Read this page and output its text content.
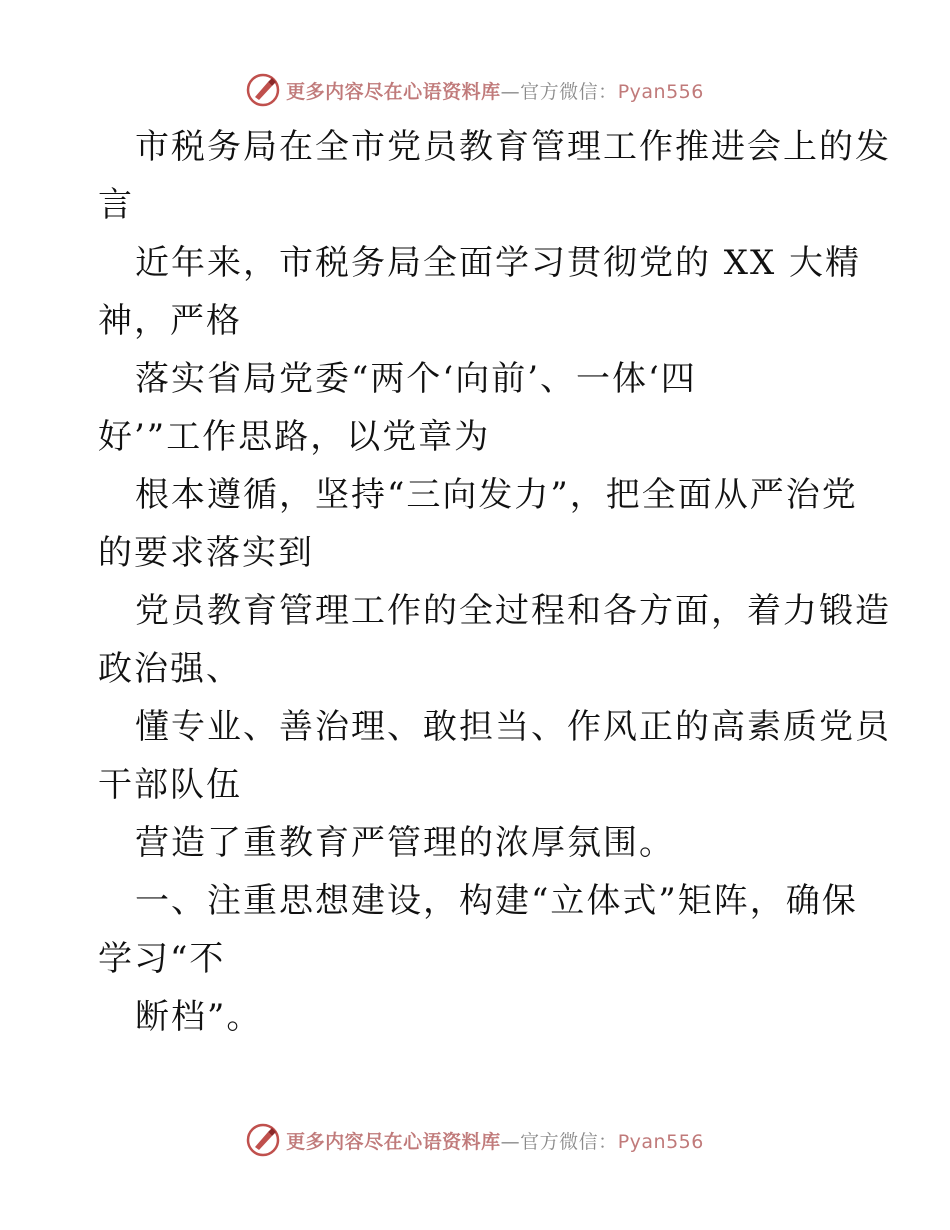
更多内容尽在心语资料库—官方微信：Pyan556
市税务局在全市党员教育管理工作推进会上的发
言
近年来，市税务局全面学习贯彻党的 XX 大精
神，严格
落实省局党委“两个‘向前’、一体‘四
好’”工作思路，以党章为
根本遵循，坚持“三向发力”，把全面从严治党
的要求落实到
党员教育管理工作的全过程和各方面，着力锻造
政治强、
懂专业、善治理、敢担当、作风正的高素质党员
干部队伍
营造了重教育严管理的浓厚氛围。
一、注重思想建设，构建“立体式”矩阵，确保
学习“不
断档”。
更多内容尽在心语资料库—官方微信：Pyan556
